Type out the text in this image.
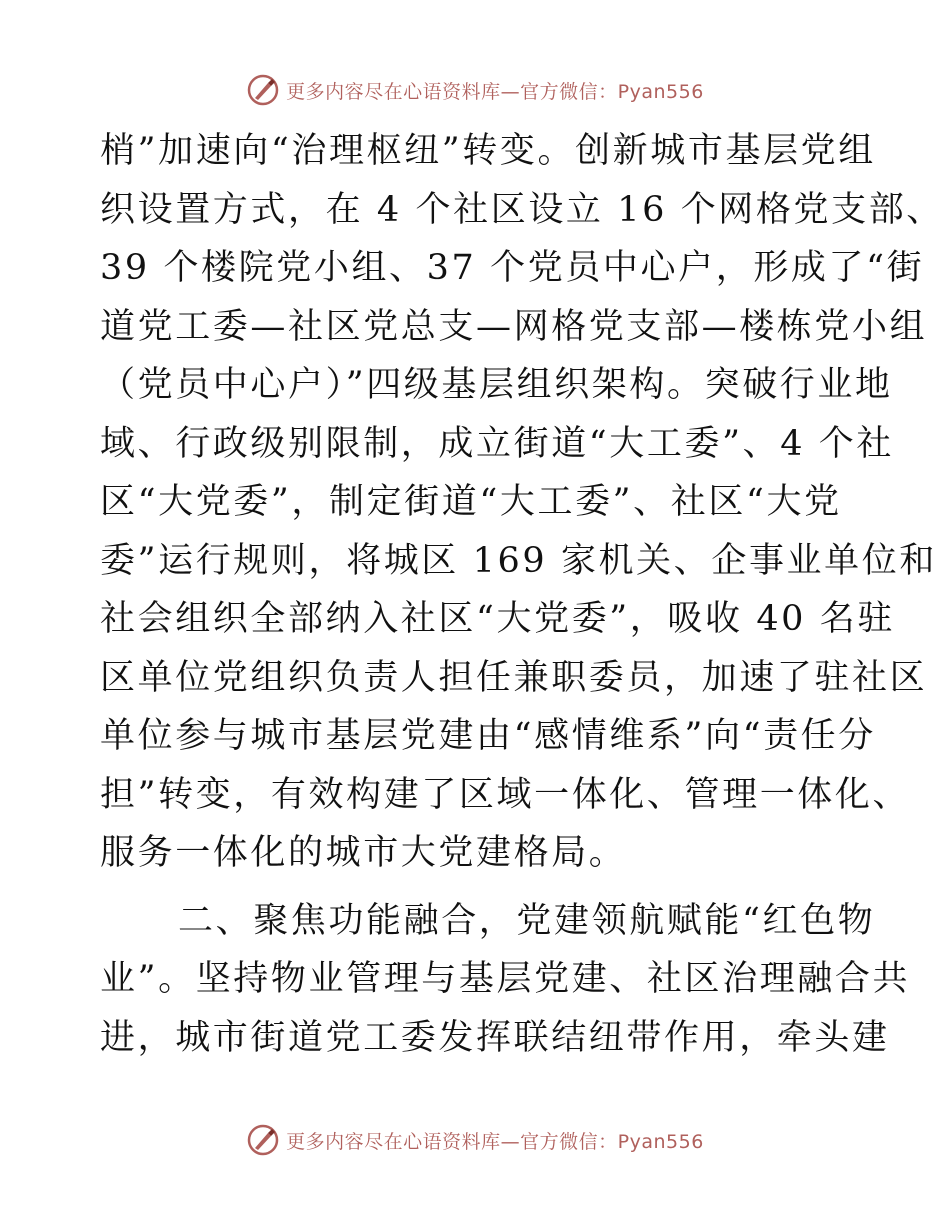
更多内容尽在心语资料库—官方微信：Pyan556
梢”加速向“治理枢纽”转变。创新城市基层党组
织设置方式，在 4 个社区设立 16 个网格党支部、
39 个楼院党小组、37 个党员中心户，形成了“街
道党工委—社区党总支—网格党支部—楼栋党小组
（党员中心户）”四级基层组织架构。突破行业地
域、行政级别限制，成立街道“大工委”、4 个社
区“大党委”，制定街道“大工委”、社区“大党
委”运行规则，将城区 169 家机关、企事业单位和
社会组织全部纳入社区“大党委”，吸收 40 名驻
区单位党组织负责人担任兼职委员，加速了驻社区
单位参与城市基层党建由“感情维系”向“责任分
担”转变，有效构建了区域一体化、管理一体化、
服务一体化的城市大党建格局。
二、聚焦功能融合，党建领航赋能“红色物
业”。坚持物业管理与基层党建、社区治理融合共
进，城市街道党工委发挥联结纽带作用，牵头建
更多内容尽在心语资料库—官方微信：Pyan556
